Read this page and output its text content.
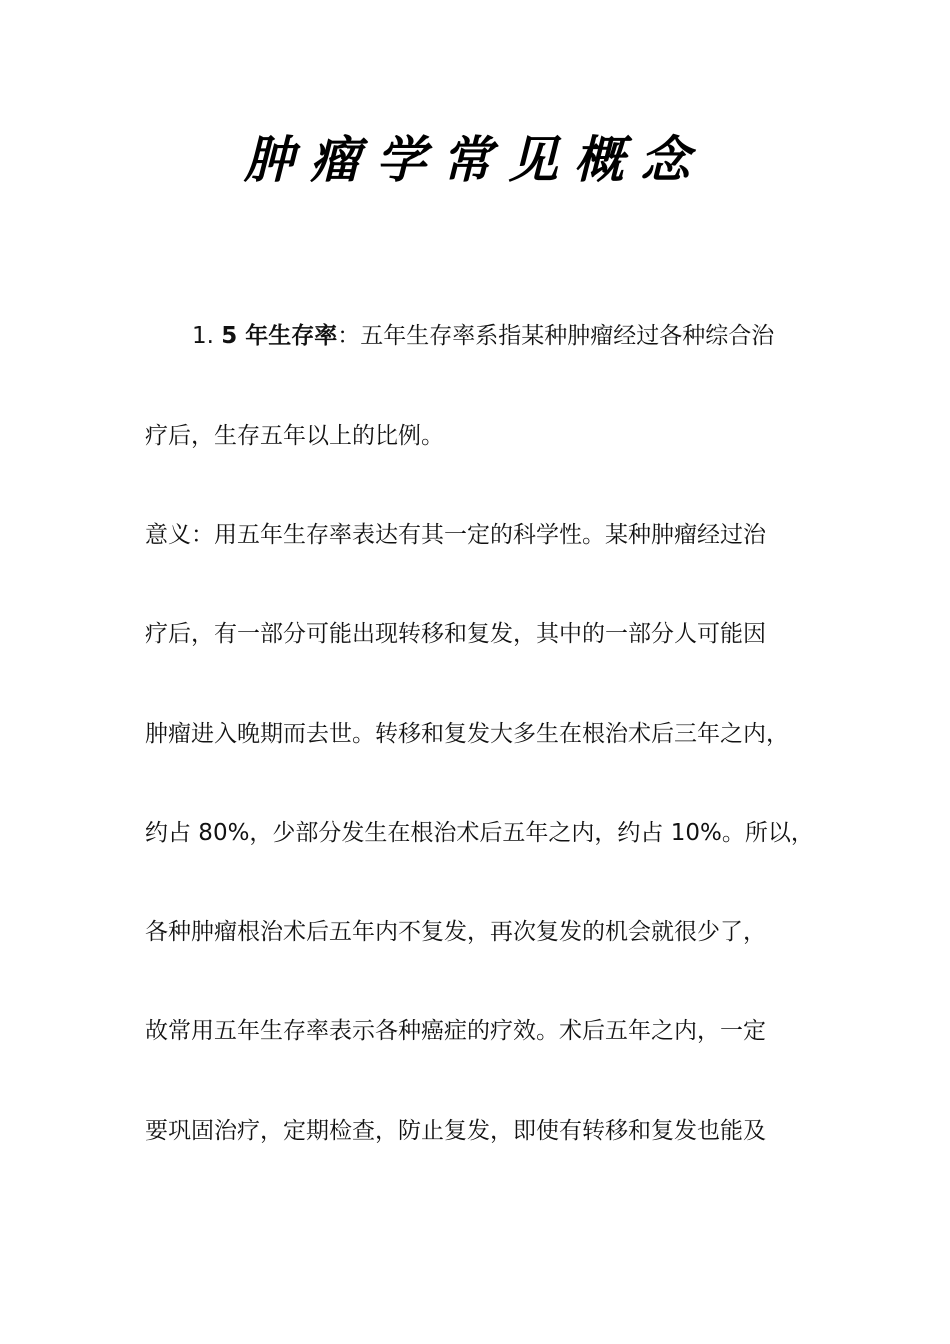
肿瘤学常见概念
1. 5 年生存率：五年生存率系指某种肿瘤经过各种综合治
疗后，生存五年以上的比例。
意义：用五年生存率表达有其一定的科学性。某种肿瘤经过治
疗后，有一部分可能出现转移和复发，其中的一部分人可能因
肿瘤进入晚期而去世。转移和复发大多生在根治术后三年之内，
约占 80%，少部分发生在根治术后五年之内，约占 10%。所以，
各种肿瘤根治术后五年内不复发，再次复发的机会就很少了，
故常用五年生存率表示各种癌症的疗效。术后五年之内，一定
要巩固治疗，定期检查，防止复发，即使有转移和复发也能及
